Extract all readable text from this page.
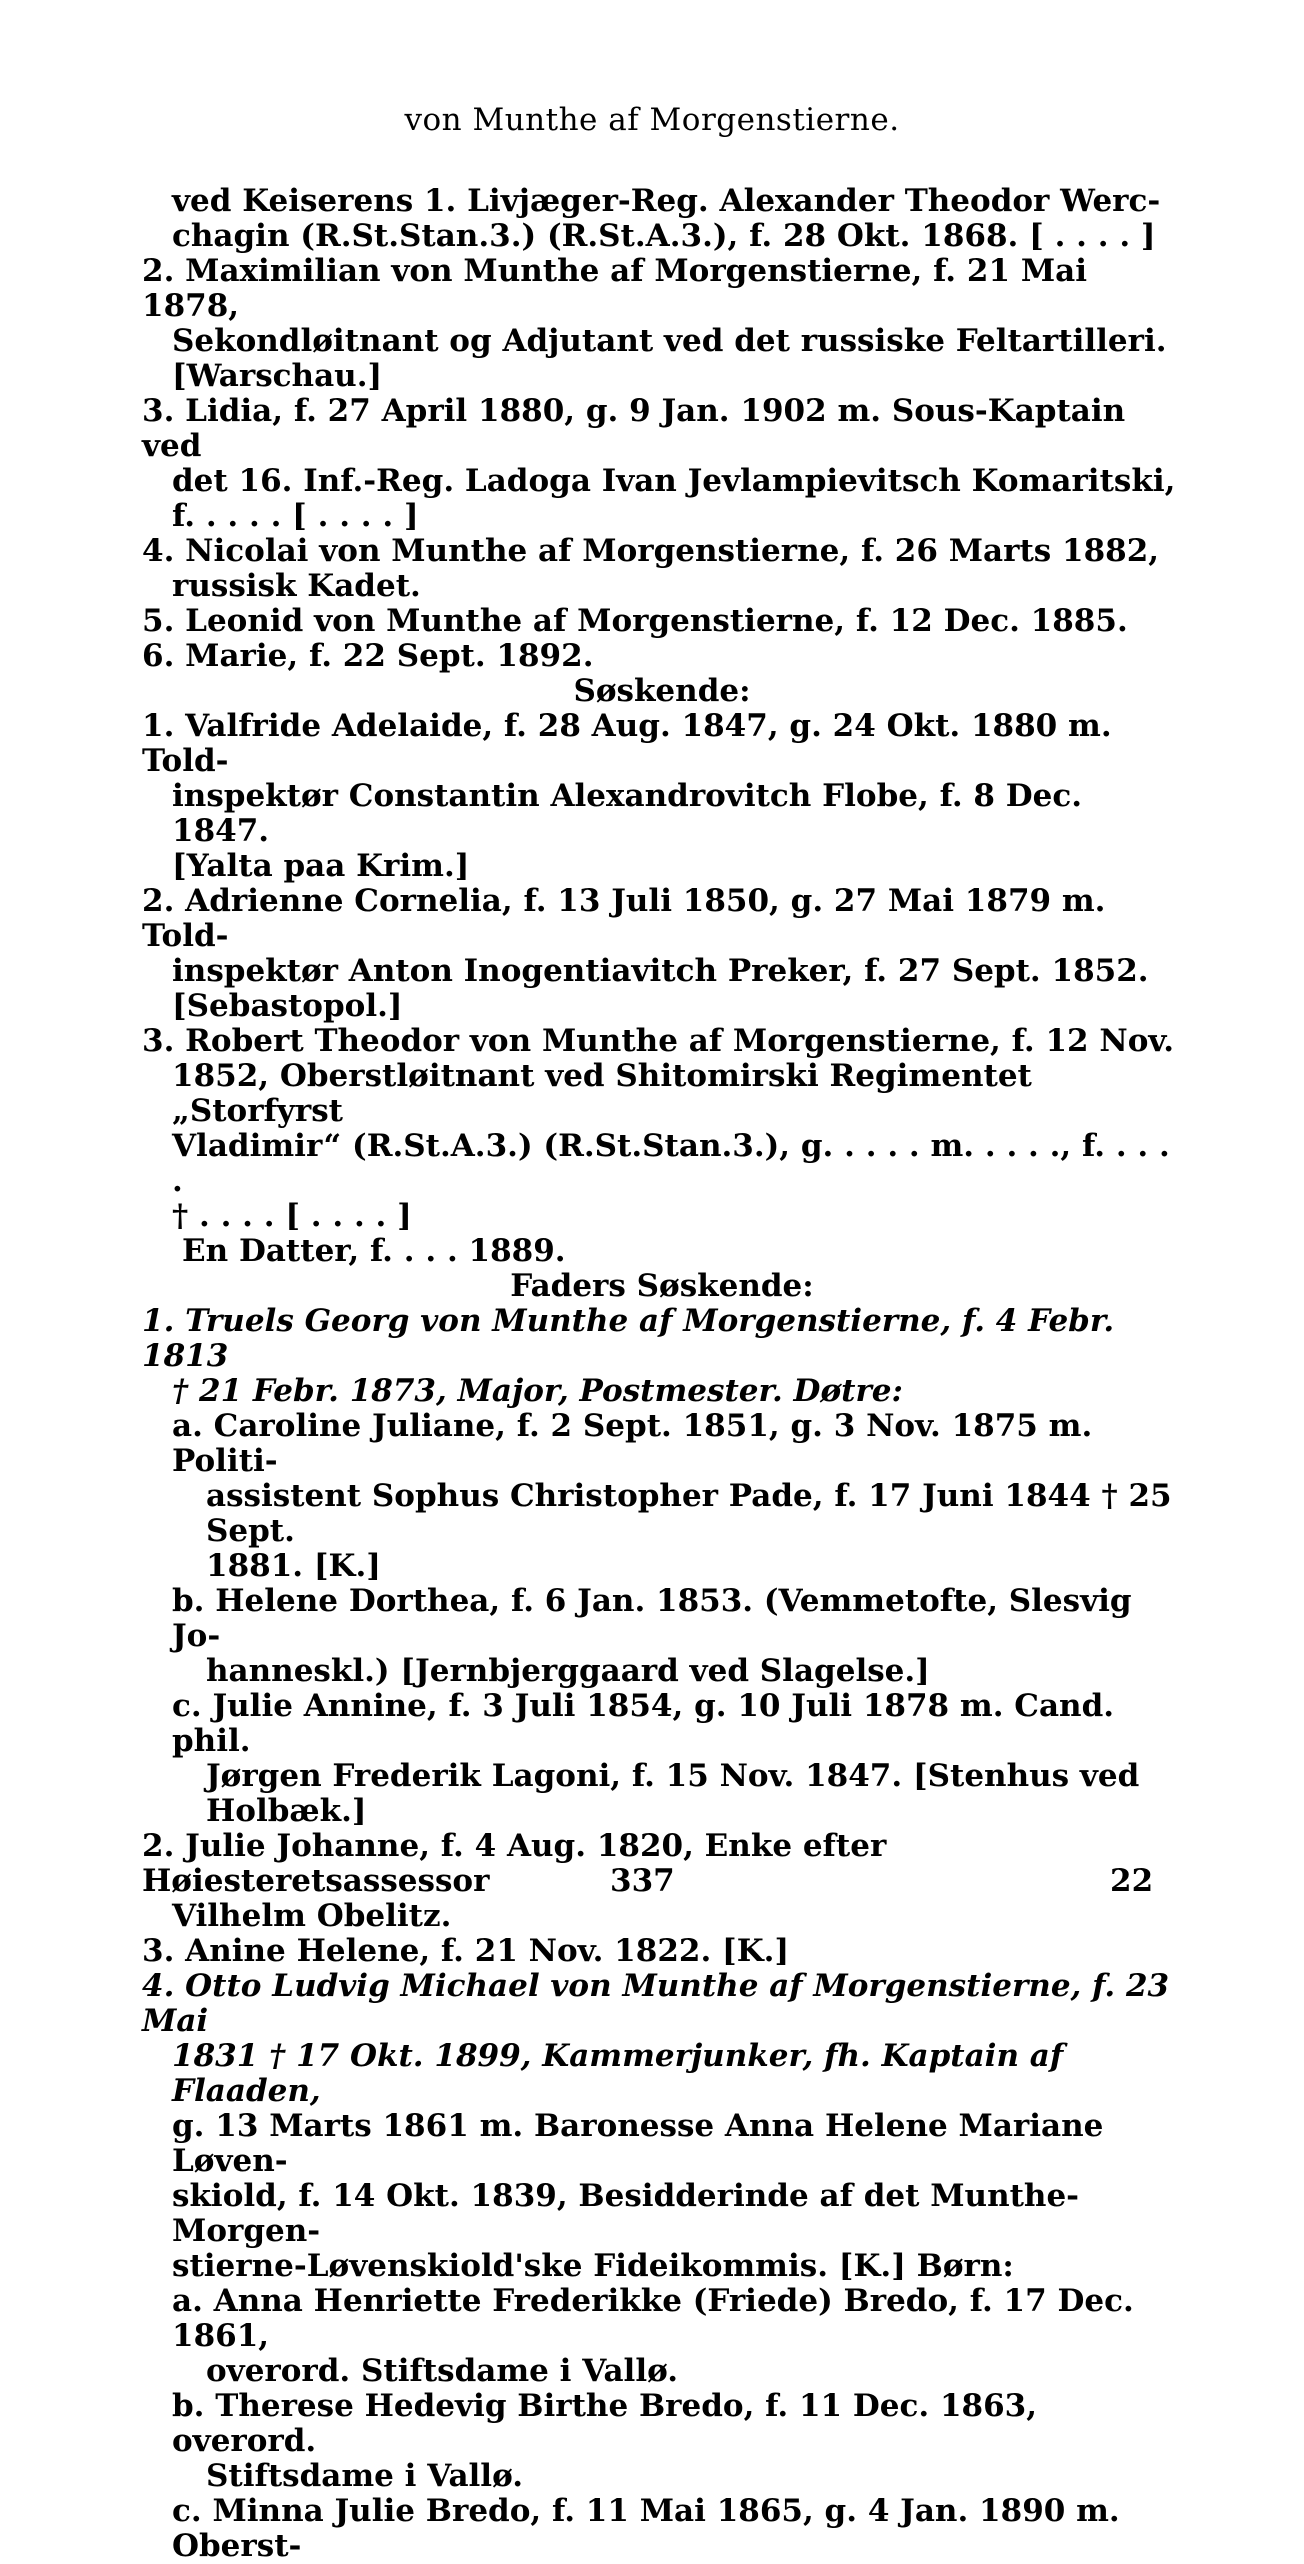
von Munthe af Morgenstierne.

ved Keiserens 1. Livjæger-Reg. Alexander Theodor Werc-

chagin (R.St.Stan.3.) (R.St.A.3.), f. 28 Okt. 1868. [ . . . . ]

2. Maximilian von Munthe af Morgenstierne, f. 21 Mai 1878,

Sekondløitnant og Adjutant ved det russiske Feltartilleri.

[Warschau.]

3. Lidia, f. 27 April 1880, g. 9 Jan. 1902 m. Sous-Kaptain ved

det 16. Inf.-Reg. Ladoga Ivan Jevlampievitsch Komaritski,

f. . . . . [ . . . . ]

4. Nicolai von Munthe af Morgenstierne, f. 26 Marts 1882,

russisk Kadet.

5. Leonid von Munthe af Morgenstierne, f. 12 Dec. 1885.

6. Marie, f. 22 Sept. 1892.

Søskende:

1. Valfride Adelaide, f. 28 Aug. 1847, g. 24 Okt. 1880 m. Told-

inspektør Constantin Alexandrovitch Flobe, f. 8 Dec. 1847.

[Yalta paa Krim.]

2. Adrienne Cornelia, f. 13 Juli 1850, g. 27 Mai 1879 m. Told-

inspektør Anton Inogentiavitch Preker, f. 27 Sept. 1852.

[Sebastopol.]

3. Robert Theodor von Munthe af Morgenstierne, f. 12 Nov.

1852, Oberstløitnant ved Shitomirski Regimentet „Storfyrst

Vladimir“ (R.St.A.3.) (R.St.Stan.3.), g. . . . . m. . . . ., f. . . . .

† . . . . [ . . . . ]

En Datter, f. . . . 1889.

Faders Søskende:

1. Truels Georg von Munthe af Morgenstierne, f. 4 Febr. 1813

† 21 Febr. 1873, Major, Postmester. Døtre:

a. Caroline Juliane, f. 2 Sept. 1851, g. 3 Nov. 1875 m. Politi-

assistent Sophus Christopher Pade, f. 17 Juni 1844 † 25 Sept.

1881. [K.]

b. Helene Dorthea, f. 6 Jan. 1853. (Vemmetofte, Slesvig Jo-

hanneskl.) [Jernbjerggaard ved Slagelse.]

c. Julie Annine, f. 3 Juli 1854, g. 10 Juli 1878 m. Cand. phil.

Jørgen Frederik Lagoni, f. 15 Nov. 1847. [Stenhus ved

Holbæk.]

2. Julie Johanne, f. 4 Aug. 1820, Enke efter Høiesteretsassessor

Vilhelm Obelitz.

3. Anine Helene, f. 21 Nov. 1822. [K.]

4. Otto Ludvig Michael von Munthe af Morgenstierne, f. 23 Mai

1831 † 17 Okt. 1899, Kammerjunker, fh. Kaptain af Flaaden,

g. 13 Marts 1861 m. Baronesse Anna Helene Mariane Løven-

skiold, f. 14 Okt. 1839, Besidderinde af det Munthe-Morgen-

stierne-Løvenskiold'ske Fideikommis. [K.] Børn:

a. Anna Henriette Frederikke (Friede) Bredo, f. 17 Dec. 1861,

overord. Stiftsdame i Vallø.

b. Therese Hedevig Birthe Bredo, f. 11 Dec. 1863, overord.

Stiftsdame i Vallø.

c. Minna Julie Bredo, f. 11 Mai 1865, g. 4 Jan. 1890 m. Oberst-

337	22
